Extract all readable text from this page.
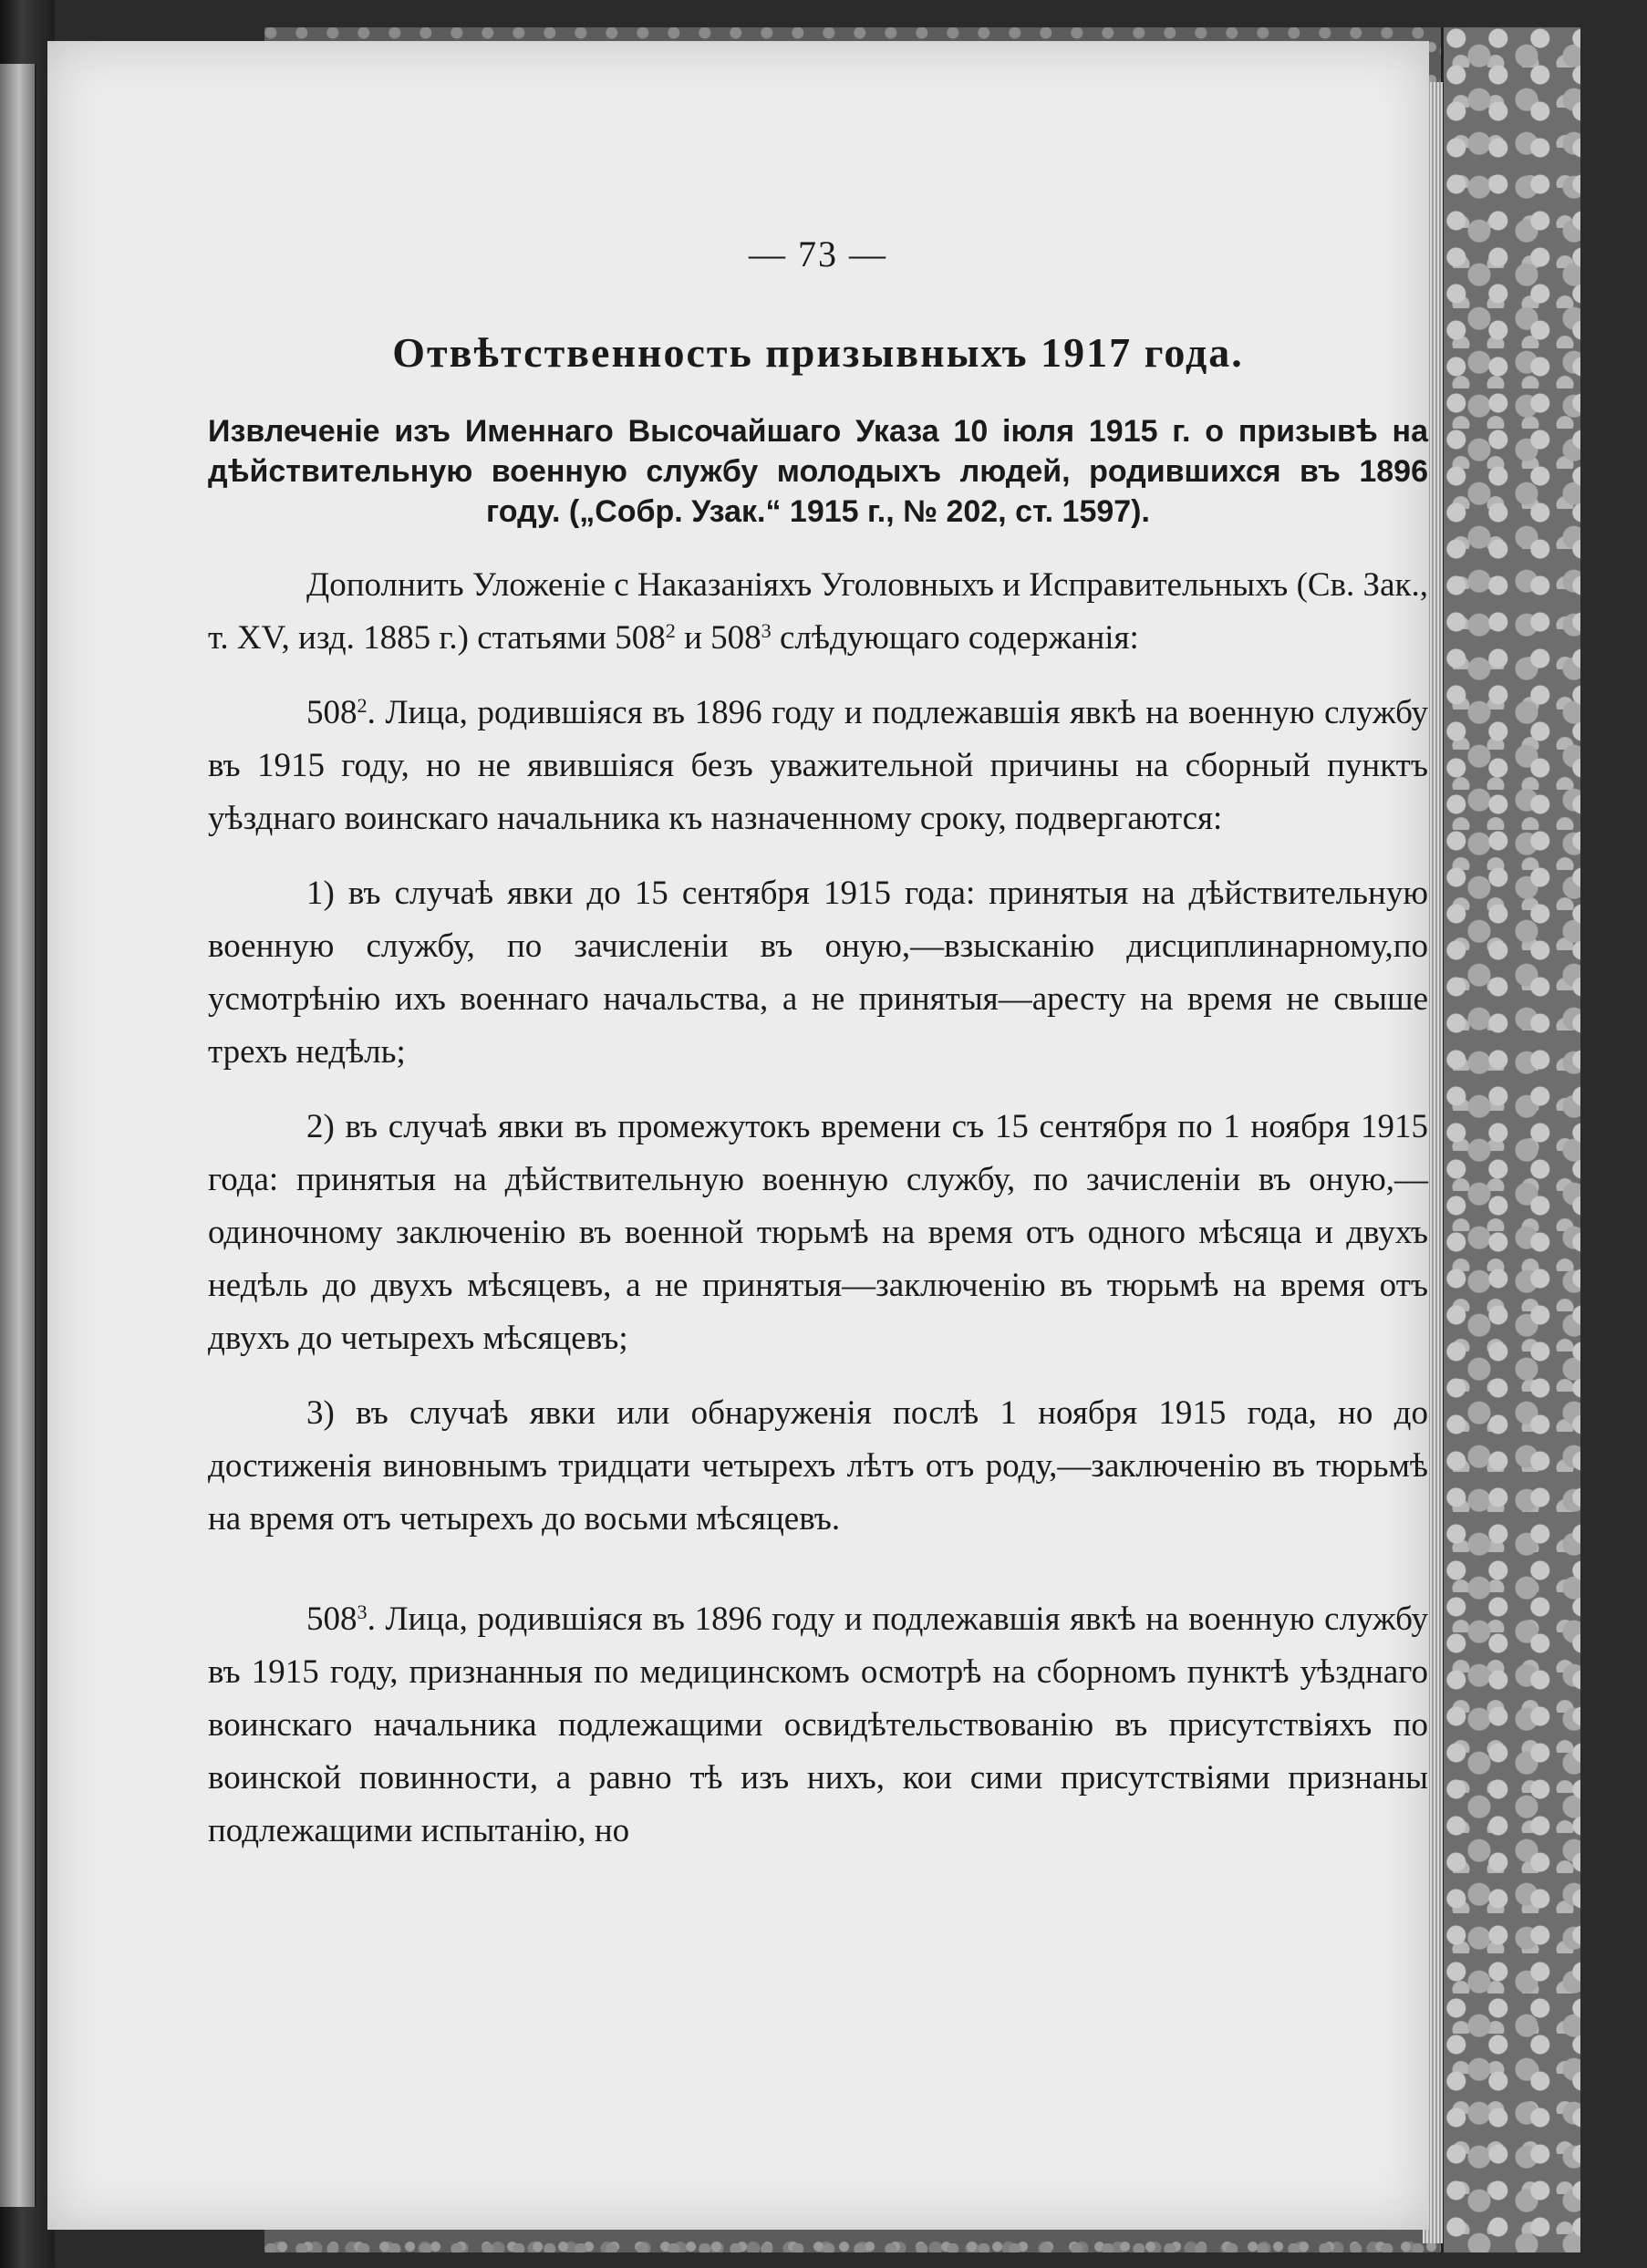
— 73 —

Отвѣтственность призывныхъ 1917 года.

Извлеченіе изъ Именнаго Высочайшаго Указа 10 іюля 1915 г. о призывѣ на дѣйствительную военную службу молодыхъ людей, родившихся въ 1896 году. („Собр. Узак.“ 1915 г., № 202, ст. 1597).

Дополнить Уложеніе с Наказаніяхъ Уголовныхъ и Исправительныхъ (Св. Зак., т. XV, изд. 1885 г.) статьями $508^2$ и $508^3$ слѣдующаго содержанія:

$508^2$. Лица, родившіяся въ 1896 году и подлежавшія явкѣ на военную службу въ 1915 году, но не явившіяся безъ уважительной причины на сборный пунктъ уѣзднаго воинскаго начальника къ назначенному сроку, подвергаются:

1) въ случаѣ явки до 15 сентября 1915 года: принятыя на дѣйствительную военную службу, по зачисленіи въ оную,—взысканію дисциплинарному,по усмотрѣнію ихъ военнаго начальства, а не принятыя—аресту на время не свыше трехъ недѣль;

2) въ случаѣ явки въ промежутокъ времени съ 15 сентября по 1 ноября 1915 года: принятыя на дѣйствительную военную службу, по зачисленіи въ оную,—одиночному заключенію въ военной тюрьмѣ на время отъ одного мѣсяца и двухъ недѣль до двухъ мѣсяцевъ, а не принятыя—заключенію въ тюрьмѣ на время отъ двухъ до четырехъ мѣсяцевъ;

3) въ случаѣ явки или обнаруженія послѣ 1 ноября 1915 года, но до достиженія виновнымъ тридцати четырехъ лѣтъ отъ роду,—заключенію въ тюрьмѣ на время отъ четырехъ до восьми мѣсяцевъ.

$508^3$. Лица, родившіяся въ 1896 году и подлежавшія явкѣ на военную службу въ 1915 году, признанныя по медицинскомъ осмотрѣ на сборномъ пунктѣ уѣзднаго воинскаго начальника подлежащими освидѣтельствованію въ присутствіяхъ по воинской повинности, а равно тѣ изъ нихъ, кои сими присутствіями признаны подлежащими испытанію, но
